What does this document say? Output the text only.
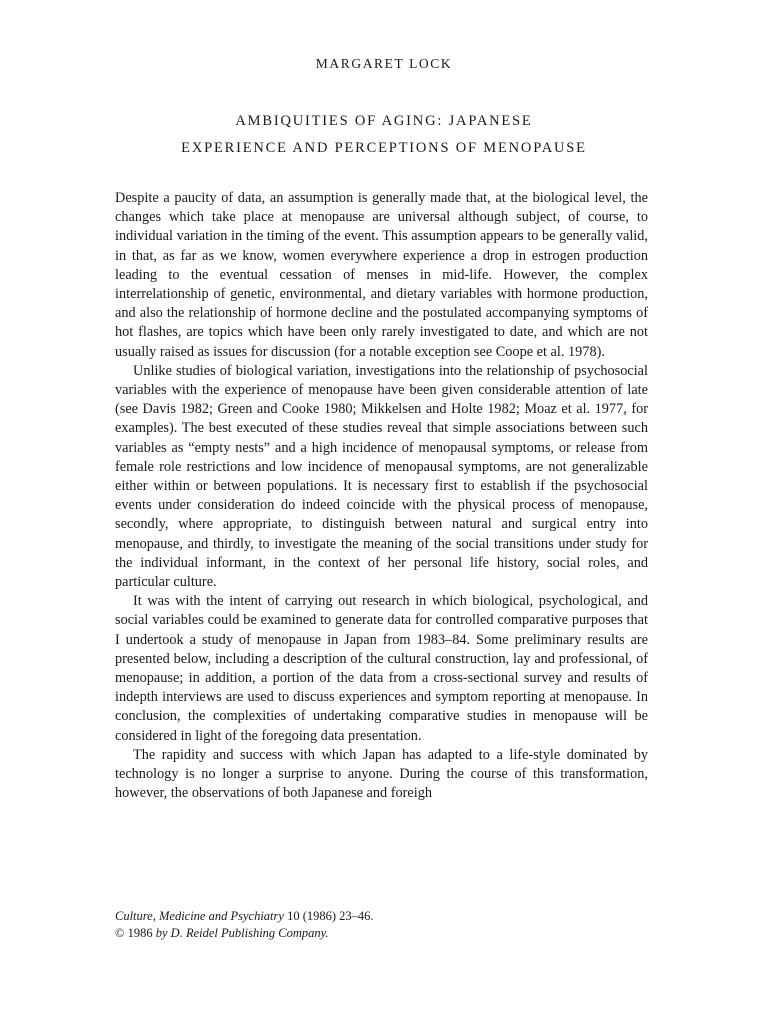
MARGARET LOCK
AMBIQUITIES OF AGING: JAPANESE
EXPERIENCE AND PERCEPTIONS OF MENOPAUSE

Despite a paucity of data, an assumption is generally made that, at the biological level, the changes which take place at menopause are universal although subject, of course, to individual variation in the timing of the event. This assumption appears to be generally valid, in that, as far as we know, women everywhere experience a drop in estrogen production leading to the eventual cessation of menses in mid-life. However, the complex interrelationship of genetic, environmental, and dietary variables with hormone production, and also the relationship of hormone decline and the postulated accompanying symptoms of hot flashes, are topics which have been only rarely investigated to date, and which are not usually raised as issues for discussion (for a notable exception see Coope et al. 1978).

Unlike studies of biological variation, investigations into the relationship of psychosocial variables with the experience of menopause have been given considerable attention of late (see Davis 1982; Green and Cooke 1980; Mikkelsen and Holte 1982; Moaz et al. 1977, for examples). The best executed of these studies reveal that simple associations between such variables as “empty nests” and a high incidence of menopausal symptoms, or release from female role restrictions and low incidence of menopausal symptoms, are not generalizable either within or between populations. It is necessary first to establish if the psychosocial events under consideration do indeed coincide with the physical process of menopause, secondly, where appropriate, to distinguish between natural and surgical entry into menopause, and thirdly, to investigate the meaning of the social transitions under study for the individual informant, in the context of her personal life history, social roles, and particular culture.

It was with the intent of carrying out research in which biological, psychological, and social variables could be examined to generate data for controlled comparative purposes that I undertook a study of menopause in Japan from 1983–84. Some preliminary results are presented below, including a description of the cultural construction, lay and professional, of menopause; in addition, a portion of the data from a cross-sectional survey and results of indepth interviews are used to discuss experiences and symptom reporting at menopause. In conclusion, the complexities of undertaking comparative studies in menopause will be considered in light of the foregoing data presentation.

The rapidity and success with which Japan has adapted to a life-style dominated by technology is no longer a surprise to anyone. During the course of this transformation, however, the observations of both Japanese and foreigh

Culture, Medicine and Psychiatry 10 (1986) 23–46.
© 1986 by D. Reidel Publishing Company.
